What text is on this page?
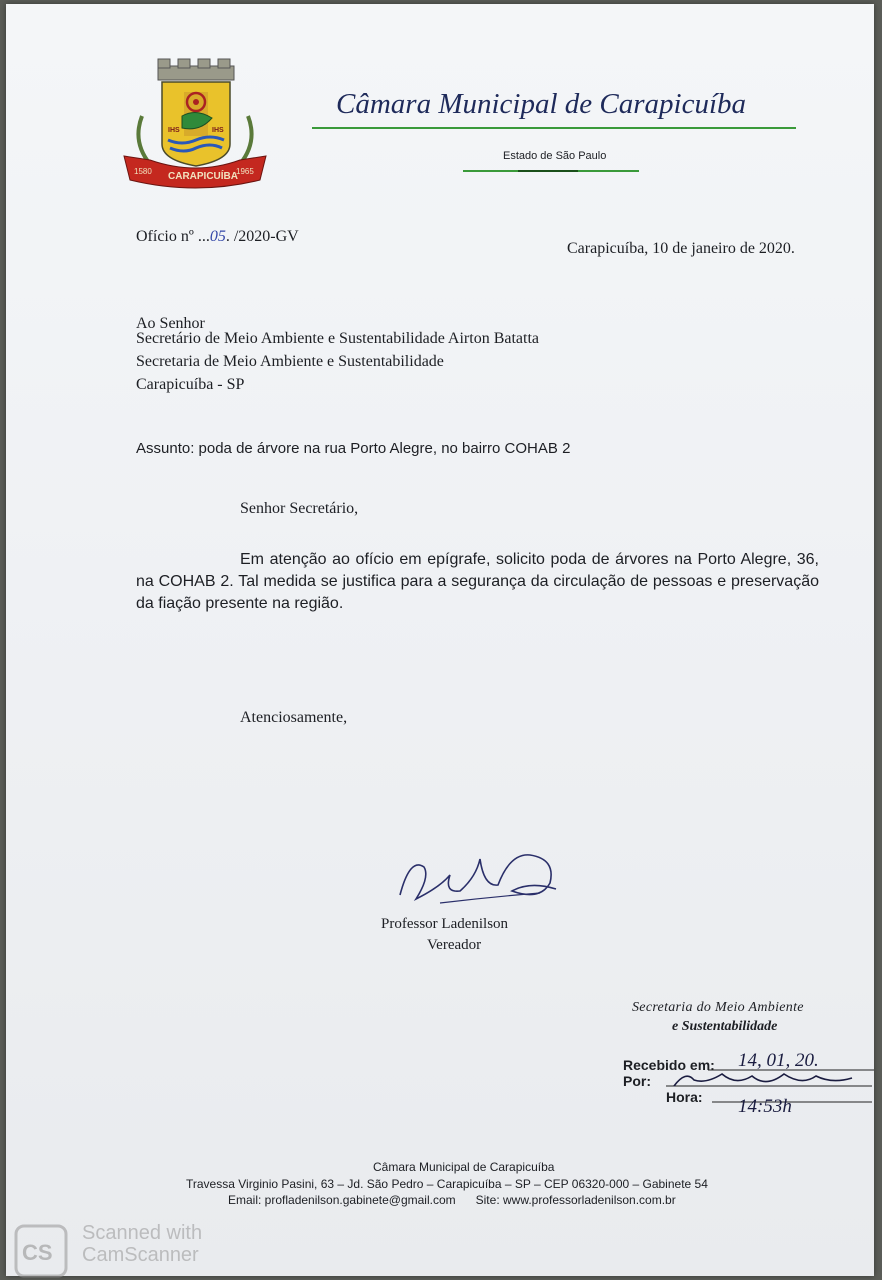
IHS	IHS
1580 CARAPICUÍBA
1965
Câmara Municipal de Carapicuíba
Estado de São Paulo
Ofício nº ...05. /2020-GV
Carapicuíba, 10 de janeiro de 2020.
Ao Senhor
Secretário de Meio Ambiente e Sustentabilidade Airton Batatta
Secretaria de Meio Ambiente e Sustentabilidade
Carapicuíba - SP
Assunto: poda de árvore na rua Porto Alegre, no bairro COHAB 2
Senhor Secretário,
Em atenção ao ofício em epígrafe, solicito poda de árvores na Porto Alegre, 36, na COHAB 2. Tal medida se justifica para a segurança da circulação de pessoas e preservação da fiação presente na região.
Atenciosamente,
Professor Ladenilson
Vereador
Secretaria do Meio Ambiente
e Sustentabilidade
Recebido em:
Por:
Hora:
14, 01, 20.
14:53h
Câmara Municipal de Carapicuíba
Travessa Virginio Pasini, 63 – Jd. São Pedro – Carapicuíba – SP – CEP 06320-000 – Gabinete 54
Email: profladenilson.gabinete@gmail.com      Site: www.professorladenilson.com.br
CS
Scanned with CamScanner
